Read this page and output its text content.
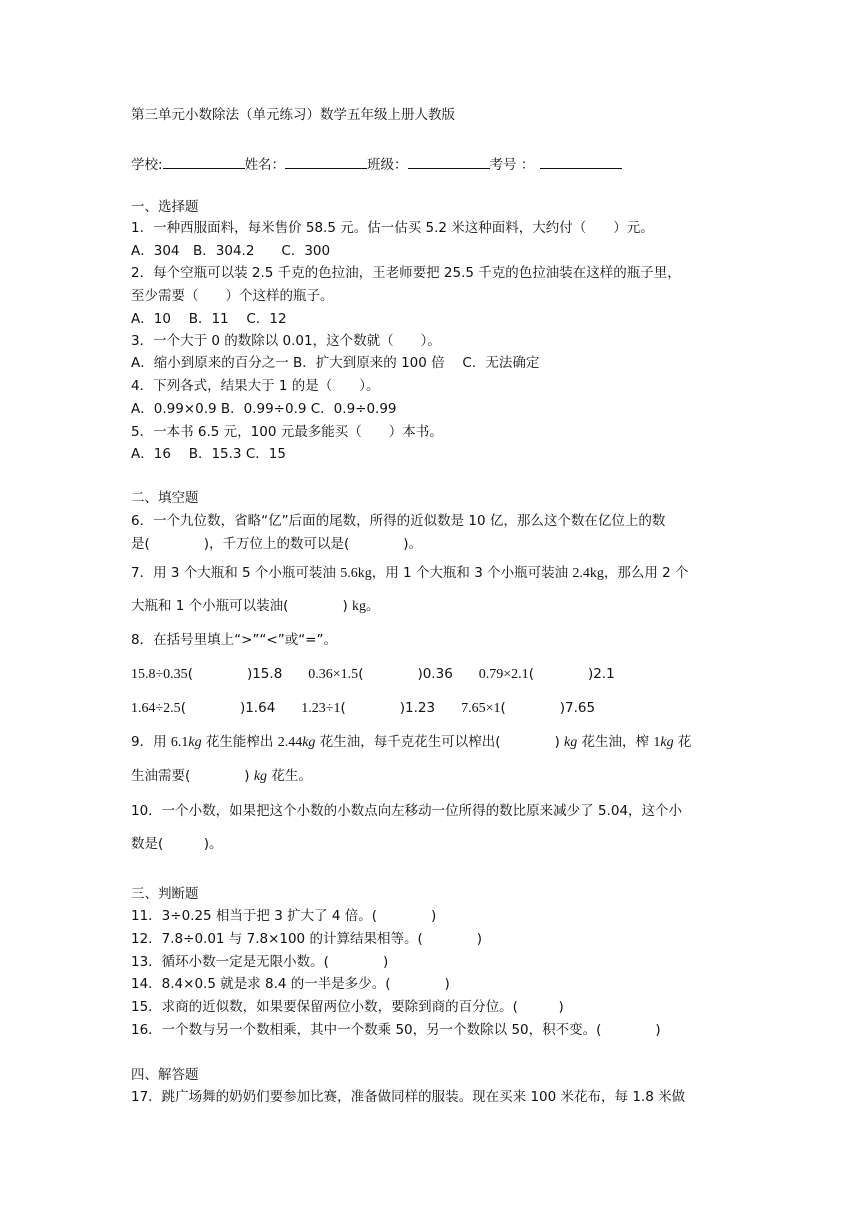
第三单元小数除法（单元练习）数学五年级上册人教版
学校:	姓名：	班级：	考号 ：
一、选择题
1．一种西服面料，每米售价 58.5 元。估一估买 5.2 米这种面料，大约付（　　）元。
A．304　B．304.2　　C．300
2．每个空瓶可以装 2.5 千克的色拉油，王老师要把 25.5 千克的色拉油装在这样的瓶子里，
至少需要（　　）个这样的瓶子。
A．10　 B．11　 C．12
3．一个大于 0 的数除以 0.01，这个数就（　　）。
A．缩小到原来的百分之一 B．扩大到原来的 100 倍　 C．无法确定
4．下列各式，结果大于 1 的是（　　）。
A．0.99×0.9 B．0.99÷0.9 C．0.9÷0.99
5．一本书 6.5 元，100 元最多能买（　　）本书。
A．16　 B．15.3 C．15
二、填空题
6．一个九位数，省略“亿”后面的尾数，所得的近似数是 10 亿，那么这个数在亿位上的数
是(　　　　)，千万位上的数可以是(　　　　)。
7．用 3 个大瓶和 5 个小瓶可装油 5.6kg，用 1 个大瓶和 3 个小瓶可装油 2.4kg，那么用 2 个
大瓶和 1 个小瓶可以装油(　　　　) kg。
8．在括号里填上“>”“<”或“=”。
15.8÷0.35(　　　　)15.8 0.36×1.5(　　　　)0.36 0.79×2.1(　　　　)2.1
1.64÷2.5(　　　　)1.64 1.23÷1(　　　　)1.23 7.65×1(　　　　)7.65
9．用 6.1kg 花生能榨出 2.44kg 花生油，每千克花生可以榨出(　　　　) kg 花生油，榨 1kg 花
生油需要(　　　　) kg 花生。
10．一个小数，如果把这个小数的小数点向左移动一位所得的数比原来减少了 5.04，这个小
数是(　　　)。
三、判断题
11．3÷0.25 相当于把 3 扩大了 4 倍。(　　　　)
12．7.8÷0.01 与 7.8×100 的计算结果相等。(　　　　)
13．循环小数一定是无限小数。(　　　　)
14．8.4×0.5 就是求 8.4 的一半是多少。(　　　　)
15．求商的近似数，如果要保留两位小数，要除到商的百分位。(　　　)
16．一个数与另一个数相乘，其中一个数乘 50，另一个数除以 50，积不变。(　　　　)
四、解答题
17．跳广场舞的奶奶们要参加比赛，准备做同样的服装。现在买来 100 米花布，每 1.8 米做
